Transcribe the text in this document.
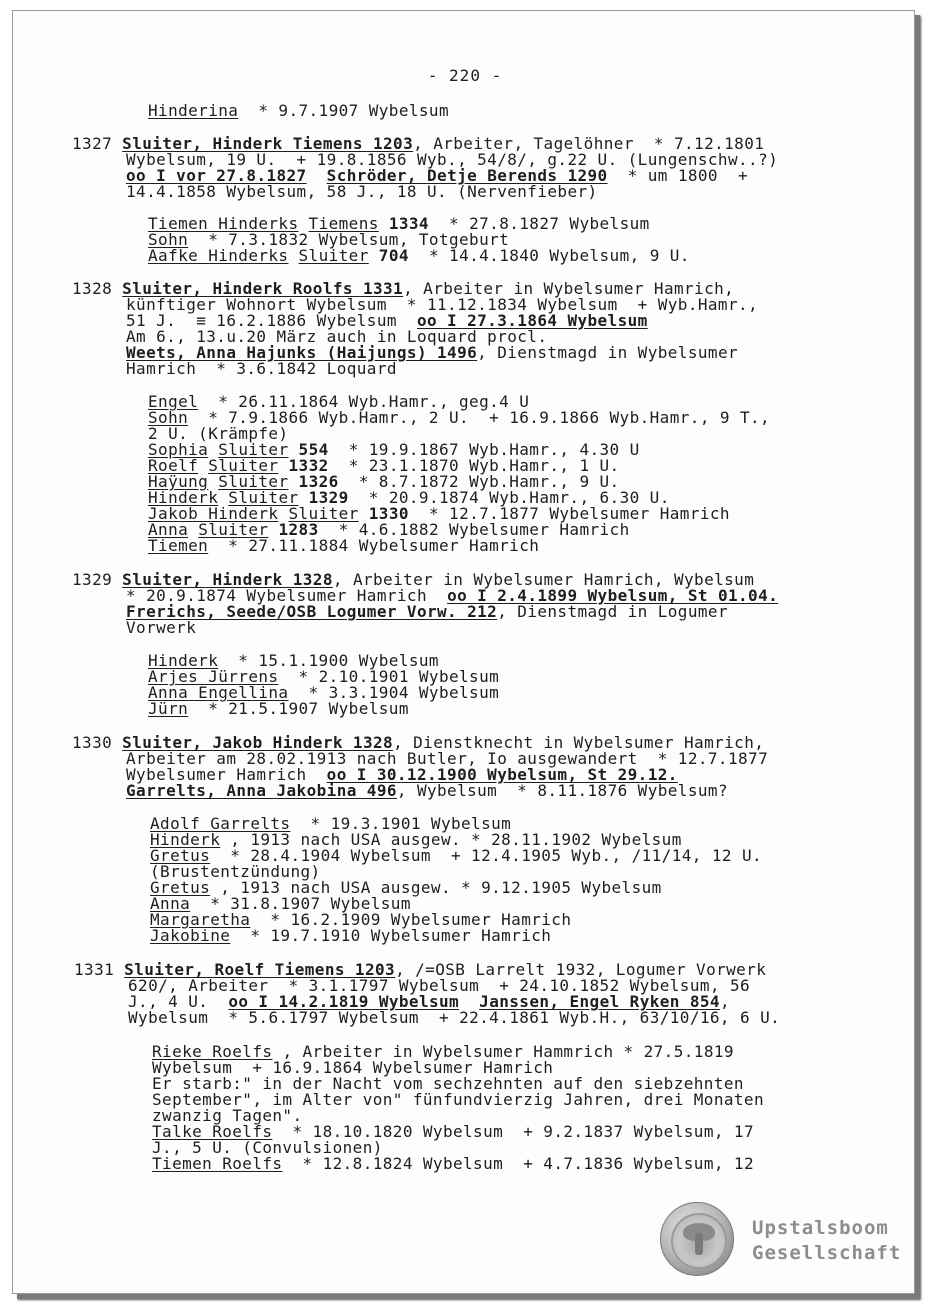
- 220 -
Hinderina  * 9.7.1907 Wybelsum
1327 Sluiter, Hinderk Tiemens 1203, Arbeiter, Tagelöhner  * 7.12.1801
Wybelsum, 19 U.  + 19.8.1856 Wyb., 54/8/, g.22 U. (Lungenschw..?)
oo I vor 27.8.1827 Schröder, Detje Berends 1290  * um 1800  +
14.4.1858 Wybelsum, 58 J., 18 U. (Nervenfieber)
Tiemen Hinderks Tiemens 1334  * 27.8.1827 Wybelsum
Sohn  * 7.3.1832 Wybelsum, Totgeburt
Aafke Hinderks Sluiter 704  * 14.4.1840 Wybelsum, 9 U.
1328 Sluiter, Hinderk Roolfs 1331, Arbeiter in Wybelsumer Hamrich,
künftiger Wohnort Wybelsum  * 11.12.1834 Wybelsum  + Wyb.Hamr.,
51 J.  ≡ 16.2.1886 Wybelsum  oo I 27.3.1864 Wybelsum
Am 6., 13.u.20 März auch in Loquard procl.
Weets, Anna Hajunks (Haijungs) 1496, Dienstmagd in Wybelsumer
Hamrich  * 3.6.1842 Loquard
Engel  * 26.11.1864 Wyb.Hamr., geg.4 U
Sohn  * 7.9.1866 Wyb.Hamr., 2 U.  + 16.9.1866 Wyb.Hamr., 9 T.,
2 U. (Krämpfe)
Sophia Sluiter 554  * 19.9.1867 Wyb.Hamr., 4.30 U
Roelf Sluiter 1332  * 23.1.1870 Wyb.Hamr., 1 U.
Haÿung Sluiter 1326  * 8.7.1872 Wyb.Hamr., 9 U.
Hinderk Sluiter 1329  * 20.9.1874 Wyb.Hamr., 6.30 U.
Jakob Hinderk Sluiter 1330  * 12.7.1877 Wybelsumer Hamrich
Anna Sluiter 1283  * 4.6.1882 Wybelsumer Hamrich
Tiemen  * 27.11.1884 Wybelsumer Hamrich
1329 Sluiter, Hinderk 1328, Arbeiter in Wybelsumer Hamrich, Wybelsum
* 20.9.1874 Wybelsumer Hamrich  oo I 2.4.1899 Wybelsum, St 01.04.
Frerichs, Seede/OSB Logumer Vorw. 212, Dienstmagd in Logumer
Vorwerk
Hinderk  * 15.1.1900 Wybelsum
Arjes Jürrens  * 2.10.1901 Wybelsum
Anna Engellina  * 3.3.1904 Wybelsum
Jürn  * 21.5.1907 Wybelsum
1330 Sluiter, Jakob Hinderk 1328, Dienstknecht in Wybelsumer Hamrich,
Arbeiter am 28.02.1913 nach Butler, Io ausgewandert  * 12.7.1877
Wybelsumer Hamrich  oo I 30.12.1900 Wybelsum, St 29.12.
Garrelts, Anna Jakobina 496, Wybelsum  * 8.11.1876 Wybelsum?
Adolf Garrelts  * 19.3.1901 Wybelsum
Hinderk , 1913 nach USA ausgew. * 28.11.1902 Wybelsum
Gretus  * 28.4.1904 Wybelsum  + 12.4.1905 Wyb., /11/14, 12 U.
(Brustentzündung)
Gretus , 1913 nach USA ausgew. * 9.12.1905 Wybelsum
Anna  * 31.8.1907 Wybelsum
Margaretha  * 16.2.1909 Wybelsumer Hamrich
Jakobine  * 19.7.1910 Wybelsumer Hamrich
1331 Sluiter, Roelf Tiemens 1203, /=OSB Larrelt 1932, Logumer Vorwerk
620/, Arbeiter  * 3.1.1797 Wybelsum  + 24.10.1852 Wybelsum, 56
J., 4 U.  oo I 14.2.1819 Wybelsum Janssen, Engel Ryken 854,
Wybelsum  * 5.6.1797 Wybelsum  + 22.4.1861 Wyb.H., 63/10/16, 6 U.
Rieke Roelfs , Arbeiter in Wybelsumer Hammrich * 27.5.1819
Wybelsum  + 16.9.1864 Wybelsumer Hamrich
Er starb:" in der Nacht vom sechzehnten auf den siebzehnten
September", im Alter von" fünfundvierzig Jahren, drei Monaten
zwanzig Tagen".
Talke Roelfs  * 18.10.1820 Wybelsum  + 9.2.1837 Wybelsum, 17
J., 5 U. (Convulsionen)
Tiemen Roelfs  * 12.8.1824 Wybelsum  + 4.7.1836 Wybelsum, 12
Upstalsboom
Gesellschaft
